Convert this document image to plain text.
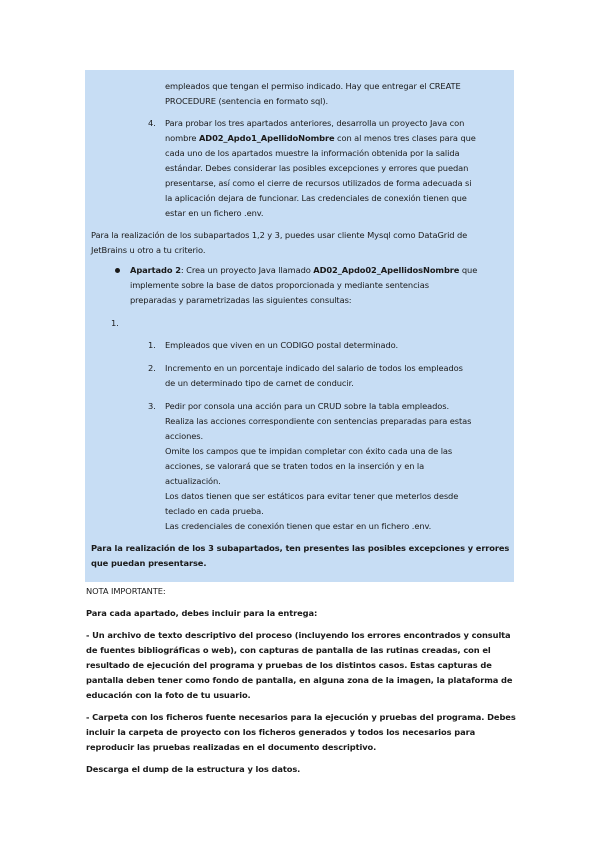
empleados que tengan el permiso indicado. Hay que entregar el CREATE
PROCEDURE (sentencia en formato sql).
4. Para probar los tres apartados anteriores, desarrolla un proyecto Java con
nombre AD02_Apdo1_ApellidoNombre con al menos tres clases para que
cada uno de los apartados muestre la información obtenida por la salida
estándar. Debes considerar las posibles excepciones y errores que puedan
presentarse, así como el cierre de recursos utilizados de forma adecuada si
la aplicación dejara de funcionar. Las credenciales de conexión tienen que
estar en un fichero .env.
Para la realización de los subapartados 1,2 y 3, puedes usar cliente Mysql como DataGrid de
JetBrains u otro a tu criterio.
Apartado 2: Crea un proyecto Java llamado AD02_Apdo02_ApellidosNombre que
implemente sobre la base de datos proporcionada y mediante sentencias
preparadas y parametrizadas las siguientes consultas:
1.
1. Empleados que viven en un CODIGO postal determinado.
2. Incremento en un porcentaje indicado del salario de todos los empleados
de un determinado tipo de carnet de conducir.
3. Pedir por consola una acción para un CRUD sobre la tabla empleados.
Realiza las acciones correspondiente con sentencias preparadas para estas
acciones.
Omite los campos que te impidan completar con éxito cada una de las
acciones, se valorará que se traten todos en la inserción y en la
actualización.
Los datos tienen que ser estáticos para evitar tener que meterlos desde
teclado en cada prueba.
Las credenciales de conexión tienen que estar en un fichero .env.
Para la realización de los 3 subapartados, ten presentes las posibles excepciones y errores
que puedan presentarse.
NOTA IMPORTANTE:
Para cada apartado, debes incluir para la entrega:
- Un archivo de texto descriptivo del proceso (incluyendo los errores encontrados y consulta
de fuentes bibliográficas o web), con capturas de pantalla de las rutinas creadas, con el
resultado de ejecución del programa y pruebas de los distintos casos. Estas capturas de
pantalla deben tener como fondo de pantalla, en alguna zona de la imagen, la plataforma de
educación con la foto de tu usuario.
- Carpeta con los ficheros fuente necesarios para la ejecución y pruebas del programa. Debes
incluir la carpeta de proyecto con los ficheros generados y todos los necesarios para
reproducir las pruebas realizadas en el documento descriptivo.
Descarga el dump de la estructura y los datos.
